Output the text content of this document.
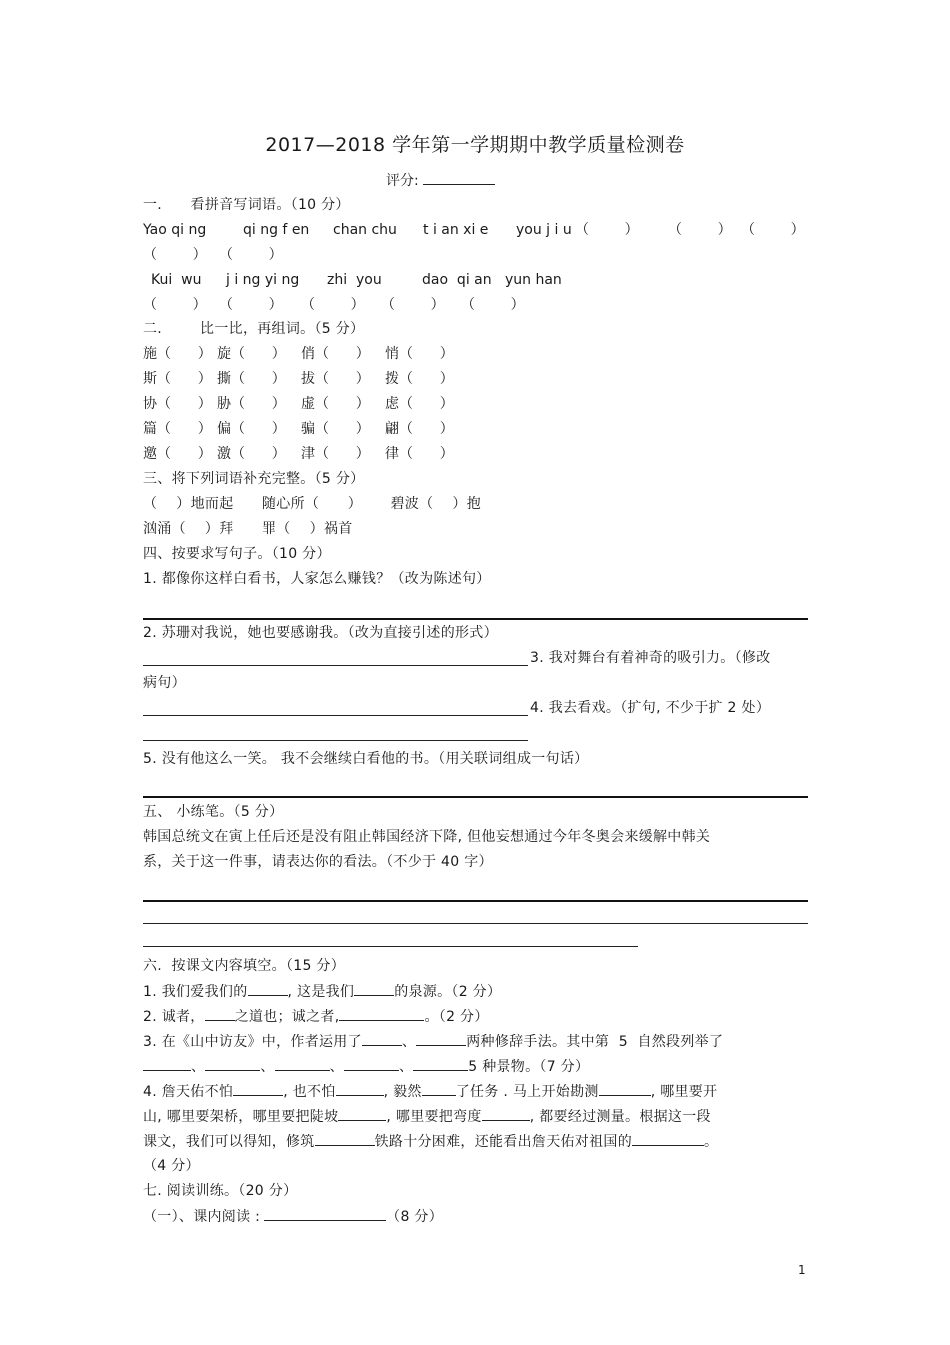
2017—2018 学年第一学期期中教学质量检测卷
评分:
一.      看拼音写词语。（10 分）
Yao qi ng	qi ng f en chan chu t i an xi e you j i u （        ） （        ） （        ）
（        ） （        ）
Kui  wu j i ng yi ng zhi  you	dao  qi an yun han
（        ） （        ） （        ） （        ） （        ）
二.        比一比，再组词。（5 分）
施（      ） 旋（      ） 俏（      ） 悄（      ）
斯（      ） 撕（      ） 拔（      ） 拨（      ）
协（      ） 胁（      ） 虚（      ） 虑（      ）
篇（      ） 偏（      ） 骗（      ） 翩（      ）
邀（      ） 激（      ） 津（      ） 律（      ）
三、将下列词语补充完整。（5 分）
（    ）地而起      随心所（      ）      碧波（    ）抱
汹涌（    ）拜      罪（    ）祸首
四、按要求写句子。（10 分）
1. 都像你这样白看书，人家怎么赚钱？（改为陈述句）
2. 苏珊对我说，她也要感谢我。（改为直接引述的形式）
3. 我对舞台有着神奇的吸引力。（修改
病句）
4. 我去看戏。（扩句, 不少于扩 2 处）
5. 没有他这么一笑。 我不会继续白看他的书。（用关联词组成一句话）
五、 小练笔。（5 分）
韩国总统文在寅上任后还是没有阻止韩国经济下降, 但他妄想通过今年冬奥会来缓解中韩关
系，关于这一件事，请表达你的看法。（不少于 40 字）
六.  按课文内容填空。（15 分）
1. 我们爱我们的	, 这是我们	的泉源。（2 分）
2. 诚者， 之道也；诚之者,	。（2 分）
3. 在《山中访友》中，作者运用了	、	两种修辞手法。其中第  5  自然段列举了
、	、	、	、	5 种景物。（7 分）
4. 詹天佑不怕	, 也不怕	, 毅然 了任务 . 马上开始勘测	, 哪里要开
山, 哪里要架桥，哪里要把陡坡	, 哪里要把弯度	, 都要经过测量。根据这一段
课文，我们可以得知，修筑	铁路十分困难，还能看出詹天佑对祖国的	。
（4 分）
七. 阅读训练。（20 分）
（一）、课内阅读 :	（8 分）
1
